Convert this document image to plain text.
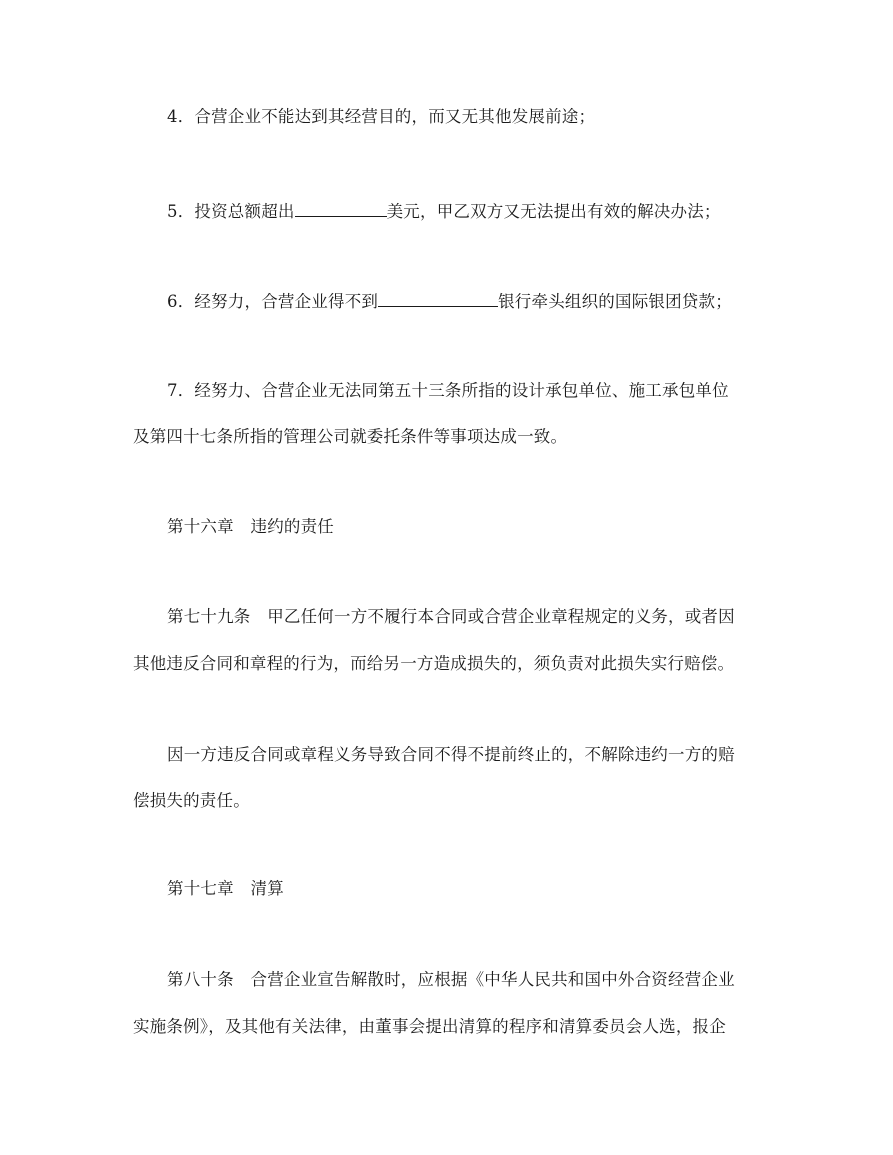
4．合营企业不能达到其经营目的，而又无其他发展前途；
5．投资总额超出	美元，甲乙双方又无法提出有效的解决办法；
6．经努力，合营企业得不到	银行牵头组织的国际银团贷款；
7．经努力、合营企业无法同第五十三条所指的设计承包单位、施工承包单位
及第四十七条所指的管理公司就委托条件等事项达成一致。
第十六章　违约的责任
第七十九条　甲乙任何一方不履行本合同或合营企业章程规定的义务，或者因
其他违反合同和章程的行为，而给另一方造成损失的，须负责对此损失实行赔偿。
因一方违反合同或章程义务导致合同不得不提前终止的，不解除违约一方的赔
偿损失的责任。
第十七章　清算
第八十条　合营企业宣告解散时，应根据《中华人民共和国中外合资经营企业
实施条例》，及其他有关法律，由董事会提出清算的程序和清算委员会人选，报企
